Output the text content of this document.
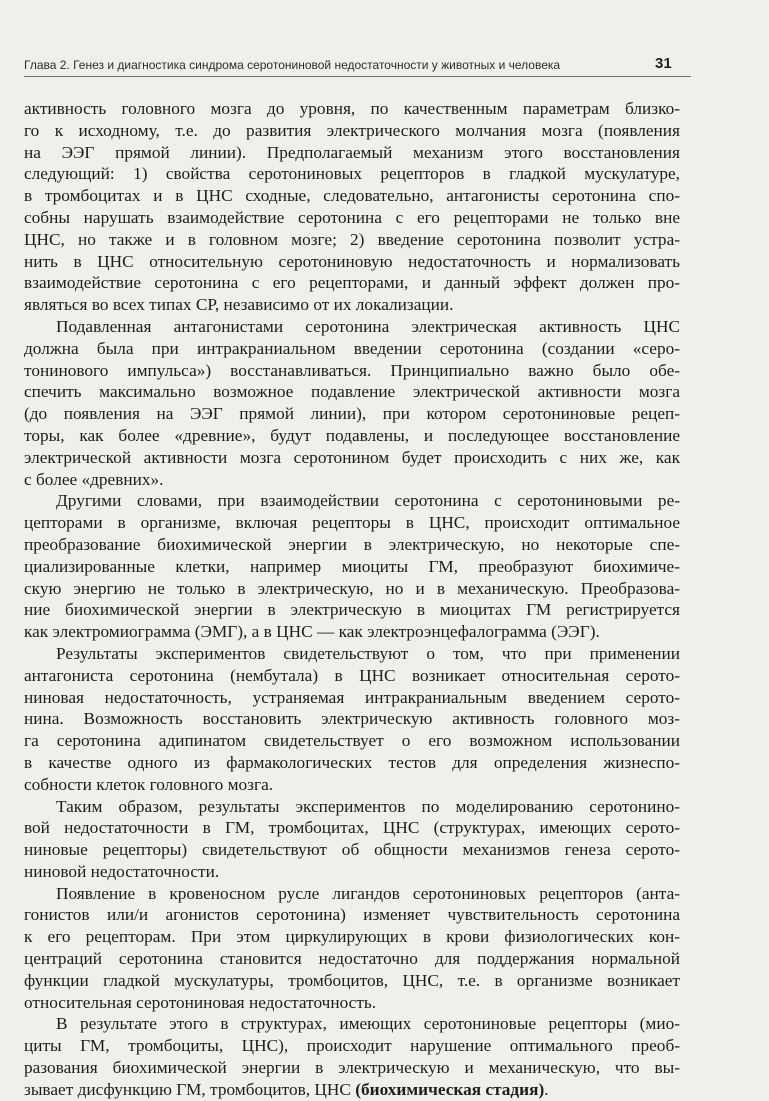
Глава 2. Генез и диагностика синдрома серотониновой недостаточности у животных и человека	31
активность головного мозга до уровня, по качественным параметрам близко-
го к исходному, т.е. до развития электрического молчания мозга (появления
на ЭЭГ прямой линии). Предполагаемый механизм этого восстановления
следующий: 1) свойства серотониновых рецепторов в гладкой мускулатуре,
в тромбоцитах и в ЦНС сходные, следовательно, антагонисты серотонина спо-
собны нарушать взаимодействие серотонина с его рецепторами не только вне
ЦНС, но также и в головном мозге; 2) введение серотонина позволит устра-
нить в ЦНС относительную серотониновую недостаточность и нормализовать
взаимодействие серотонина с его рецепторами, и данный эффект должен про-
являться во всех типах СР, независимо от их локализации.
Подавленная антагонистами серотонина электрическая активность ЦНС
должна была при интракраниальном введении серотонина (создании «серо-
тонинового импульса») восстанавливаться. Принципиально важно было обе-
спечить максимально возможное подавление электрической активности мозга
(до появления на ЭЭГ прямой линии), при котором серотониновые рецеп-
торы, как более «древние», будут подавлены, и последующее восстановление
электрической активности мозга серотонином будет происходить с них же, как
с более «древних».
Другими словами, при взаимодействии серотонина с серотониновыми ре-
цепторами в организме, включая рецепторы в ЦНС, происходит оптимальное
преобразование биохимической энергии в электрическую, но некоторые спе-
циализированные клетки, например миоциты ГМ, преобразуют биохимиче-
скую энергию не только в электрическую, но и в механическую. Преобразова-
ние биохимической энергии в электрическую в миоцитах ГМ регистрируется
как электромиограмма (ЭМГ), а в ЦНС — как электроэнцефалограмма (ЭЭГ).
Результаты экспериментов свидетельствуют о том, что при применении
антагониста серотонина (нембутала) в ЦНС возникает относительная серото-
ниновая недостаточность, устраняемая интракраниальным введением серото-
нина. Возможность восстановить электрическую активность головного моз-
га серотонина адипинатом свидетельствует о его возможном использовании
в качестве одного из фармакологических тестов для определения жизнеспо-
собности клеток головного мозга.
Таким образом, результаты экспериментов по моделированию серотонино-
вой недостаточности в ГМ, тромбоцитах, ЦНС (структурах, имеющих серото-
ниновые рецепторы) свидетельствуют об общности механизмов генеза серото-
ниновой недостаточности.
Появление в кровеносном русле лигандов серотониновых рецепторов (анта-
гонистов или/и агонистов серотонина) изменяет чувствительность серотонина
к его рецепторам. При этом циркулирующих в крови физиологических кон-
центраций серотонина становится недостаточно для поддержания нормальной
функции гладкой мускулатуры, тромбоцитов, ЦНС, т.е. в организме возникает
относительная серотониновая недостаточность.
В результате этого в структурах, имеющих серотониновые рецепторы (мио-
циты ГМ, тромбоциты, ЦНС), происходит нарушение оптимального преоб-
разования биохимической энергии в электрическую и механическую, что вы-
зывает дисфункцию ГМ, тромбоцитов, ЦНС (биохимическая стадия).
